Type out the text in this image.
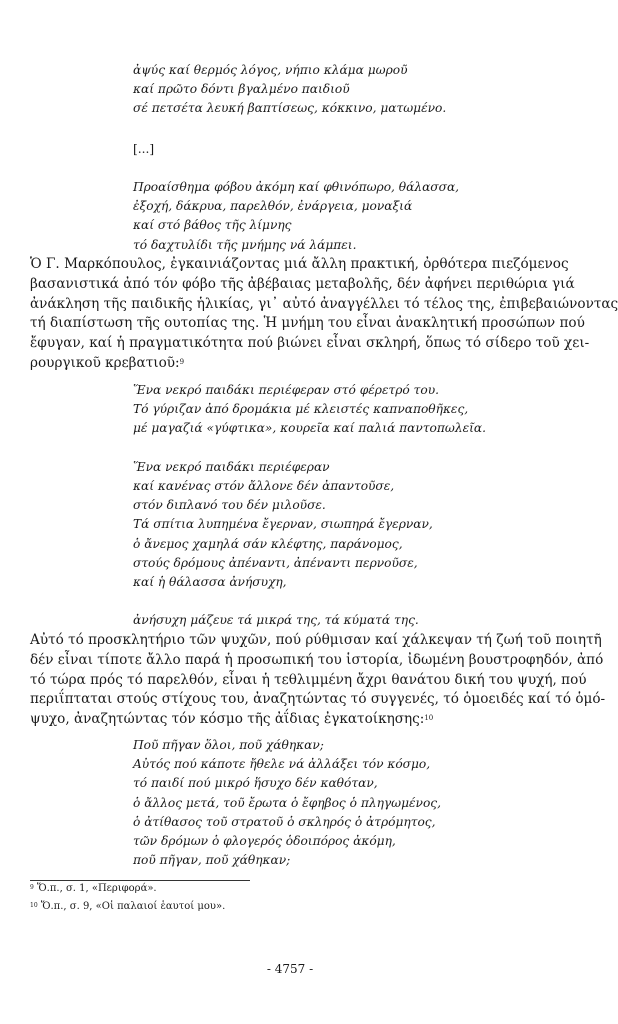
ἀψύς καί θερμός λόγος, νήπιο κλάμα μωροῦ
καί πρῶτο δόντι βγαλμένο παιδιοῦ
σέ πετσέτα λευκή βαπτίσεως, κόκκινο, ματωμένο.
[...]
Προαίσθημα φόβου ἀκόμη καί φθινόπωρο, θάλασσα,
ἐξοχή, δάκρυα, παρελθόν, ἐνάργεια, μοναξιά
καί στό βάθος τῆς λίμνης
τό δαχτυλίδι τῆς μνήμης νά λάμπει.
Ὁ Γ. Μαρκόπουλος, ἐγκαινιάζοντας μιά ἄλλη πρακτική, ὀρθότερα πιεζόμενος
βασανιστικά ἀπό τόν φόβο τῆς ἀβέβαιας μεταβολῆς, δέν ἀφήνει περιθώρια γιά
ἀνάκληση τῆς παιδικῆς ἡλικίας, γι᾽ αὐτό ἀναγγέλλει τό τέλος της, ἐπιβεβαιώνοντας
τή διαπίστωση τῆς ουτοπίας της. Ἡ μνήμη του εἶναι ἀνακλητική προσώπων πού
ἔφυγαν, καί ἡ πραγματικότητα πού βιώνει εἶναι σκληρή, ὅπως τό σίδερο τοῦ χει-
ρουργικοῦ κρεβατιοῦ:$^9$
Ἕνα νεκρό παιδάκι περιέφεραν στό φέρετρό του.
Τό γύριζαν ἀπό δρομάκια μέ κλειστές καπναποθῆκες,
μέ μαγαζιά «γύφτικα», κουρεῖα καί παλιά παντοπωλεῖα.
Ἕνα νεκρό παιδάκι περιέφεραν
καί κανένας στόν ἄλλονε δέν ἀπαντοῦσε,
στόν διπλανό του δέν μιλοῦσε.
Τά σπίτια λυπημένα ἔγερναν, σιωπηρά ἔγερναν,
ὁ ἄνεμος χαμηλά σάν κλέφτης, παράνομος,
στούς δρόμους ἀπέναντι, ἀπέναντι περνοῦσε,
καί ἡ θάλασσα ἀνήσυχη,
ἀνήσυχη μάζευε τά μικρά της, τά κύματά της.
Αὐτό τό προσκλητήριο τῶν ψυχῶν, πού ρύθμισαν καί χάλκεψαν τή ζωή τοῦ ποιητῆ
δέν εἶναι τίποτε ἄλλο παρά ἡ προσωπική του ἱστορία, ἰδωμένη βουστροφηδόν, ἀπό
τό τώρα πρός τό παρελθόν, εἶναι ἡ τεθλιμμένη ἄχρι θανάτου δική του ψυχή, πού
περιΐπταται στούς στίχους του, ἀναζητώντας τό συγγενές, τό ὁμοειδές καί τό ὁμό-
ψυχο, ἀναζητώντας τόν κόσμο τῆς ἀΐδιας ἐγκατοίκησης:$^{10}$
Ποῦ πῆγαν ὅλοι, ποῦ χάθηκαν;
Αὐτός πού κάποτε ἤθελε νά ἀλλάξει τόν κόσμο,
τό παιδί πού μικρό ἥσυχο δέν καθόταν,
ὁ ἄλλος μετά, τοῦ ἔρωτα ὁ ἔφηβος ὁ πληγωμένος,
ὁ ἀτίθασος τοῦ στρατοῦ ὁ σκληρός ὁ ἀτρόμητος,
τῶν δρόμων ὁ φλογερός ὁδοιπόρος ἀκόμη,
ποῦ πῆγαν, ποῦ χάθηκαν;
$^9$ Ὅ.π., σ. 1, «Περιφορά».
$^{10}$ Ὅ.π., σ. 9, «Οἱ παλαιοί ἑαυτοί μου».
- 4757 -
